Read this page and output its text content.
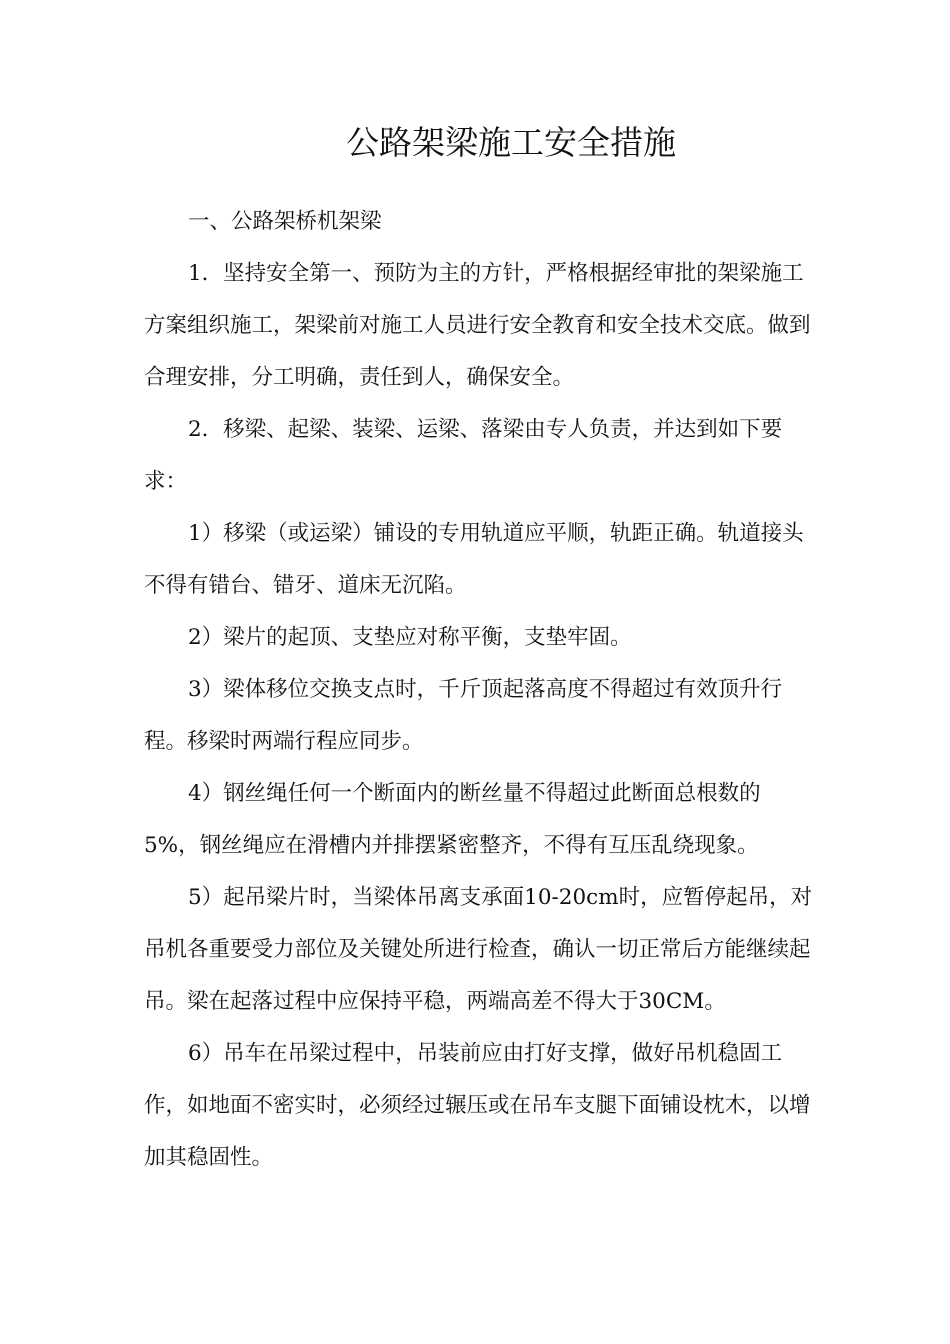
公路架梁施工安全措施

一、公路架桥机架梁

1．坚持安全第一、预防为主的方针，严格根据经审批的架梁施工方案组织施工，架梁前对施工人员进行安全教育和安全技术交底。做到合理安排，分工明确，责任到人，确保安全。

2．移梁、起梁、装梁、运梁、落梁由专人负责，并达到如下要求：

1）移梁（或运梁）铺设的专用轨道应平顺，轨距正确。轨道接头不得有错台、错牙、道床无沉陷。

2）梁片的起顶、支垫应对称平衡，支垫牢固。

3）梁体移位交换支点时，千斤顶起落高度不得超过有效顶升行程。移梁时两端行程应同步。

4）钢丝绳任何一个断面内的断丝量不得超过此断面总根数的5%，钢丝绳应在滑槽内并排摆紧密整齐，不得有互压乱绕现象。

5）起吊梁片时，当梁体吊离支承面10-20cm时，应暂停起吊，对吊机各重要受力部位及关键处所进行检查，确认一切正常后方能继续起吊。梁在起落过程中应保持平稳，两端高差不得大于30CM。

6）吊车在吊梁过程中，吊装前应由打好支撑，做好吊机稳固工作，如地面不密实时，必须经过辗压或在吊车支腿下面铺设枕木，以增加其稳固性。
